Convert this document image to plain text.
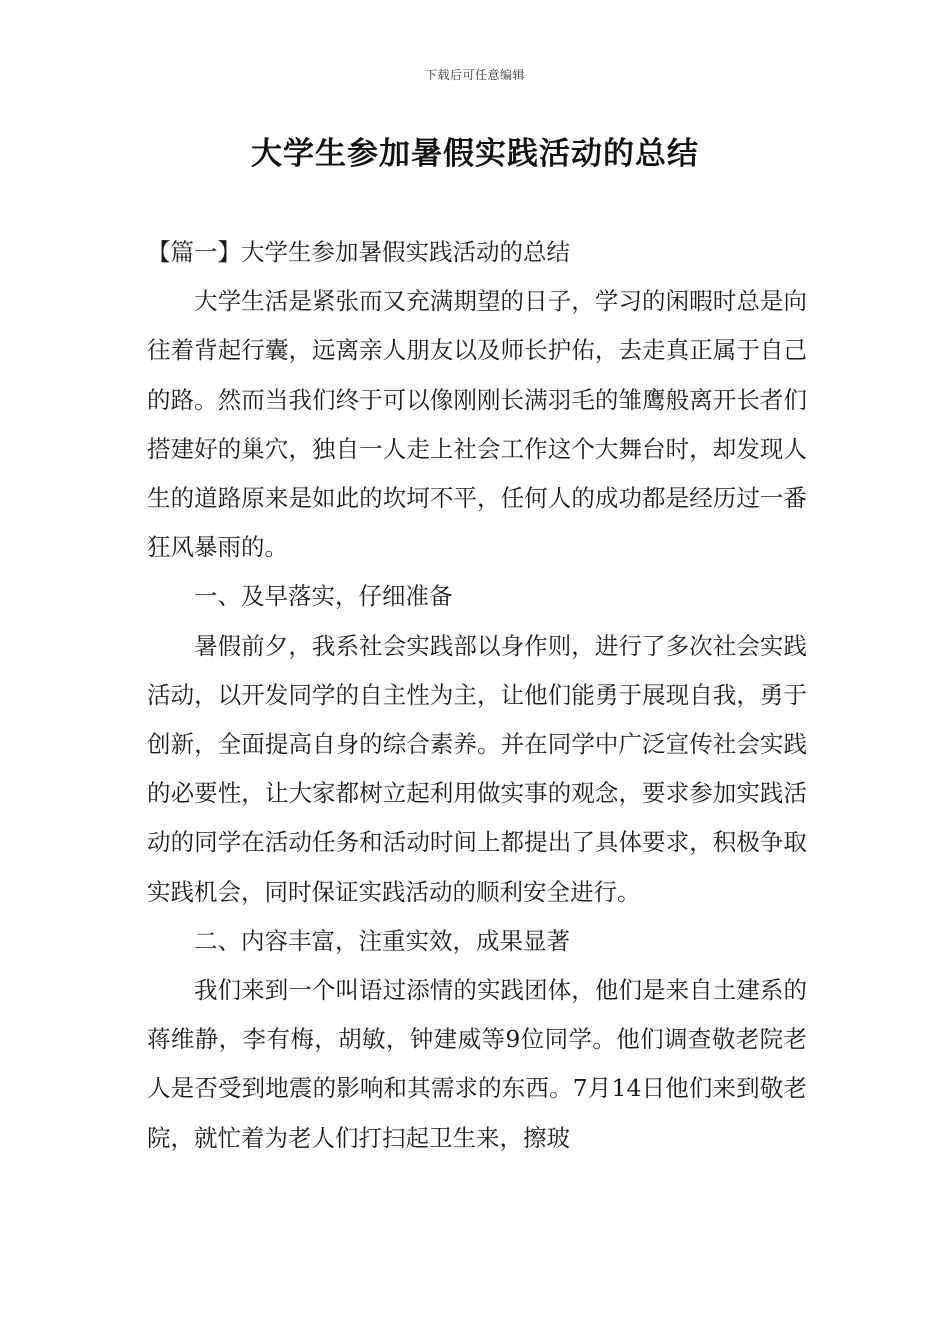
下载后可任意编辑
大学生参加暑假实践活动的总结

【篇一】大学生参加暑假实践活动的总结

大学生活是紧张而又充满期望的日子，学习的闲暇时总是向往着背起行囊，远离亲人朋友以及师长护佑，去走真正属于自己的路。然而当我们终于可以像刚刚长满羽毛的雏鹰般离开长者们搭建好的巢穴，独自一人走上社会工作这个大舞台时，却发现人生的道路原来是如此的坎坷不平，任何人的成功都是经历过一番狂风暴雨的。

一、及早落实，仔细准备

暑假前夕，我系社会实践部以身作则，进行了多次社会实践活动，以开发同学的自主性为主，让他们能勇于展现自我，勇于创新，全面提高自身的综合素养。并在同学中广泛宣传社会实践的必要性，让大家都树立起利用做实事的观念，要求参加实践活动的同学在活动任务和活动时间上都提出了具体要求，积极争取实践机会，同时保证实践活动的顺利安全进行。

二、内容丰富，注重实效，成果显著

我们来到一个叫语过添情的实践团体，他们是来自土建系的蒋维静，李有梅，胡敏，钟建威等9位同学。他们调查敬老院老人是否受到地震的影响和其需求的东西。7月14日他们来到敬老院，就忙着为老人们打扫起卫生来，擦玻
